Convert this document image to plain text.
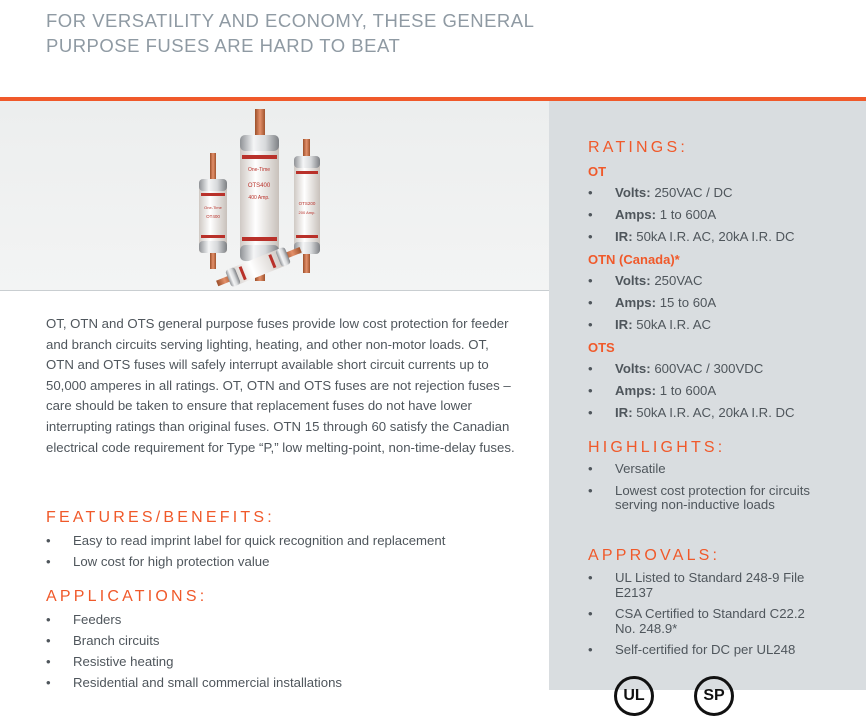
FOR VERSATILITY AND ECONOMY, THESE GENERAL
PURPOSE FUSES ARE HARD TO BEAT
One-Time
OT400
One-Time
OTS400
400 Amp.
OTS200
200 Amp.

OT, OTN and OTS general purpose fuses provide low cost protection for feeder and branch circuits serving lighting, heating, and other non-motor loads. OT, OTN and OTS fuses will safely interrupt available short circuit currents up to 50,000 amperes in all ratings. OT, OTN and OTS fuses are not rejection fuses – care should be taken to ensure that replacement fuses do not have lower interrupting ratings than original fuses. OTN 15 through 60 satisfy the Canadian electrical code requirement for Type “P,” low melting-point, non-time-delay fuses.

FEATURES/BENEFITS:
• Easy to read imprint label for quick recognition and replacement
• Low cost for high protection value
APPLICATIONS:
• Feeders
• Branch circuits
• Resistive heating
• Residential and small commercial installations
RATINGS:
OT
• Volts: 250VAC / DC
• Amps: 1 to 600A
• IR: 50kA I.R. AC, 20kA I.R. DC
OTN (Canada)*
• Volts: 250VAC
• Amps: 15 to 60A
• IR: 50kA I.R. AC
OTS
• Volts: 600VAC / 300VDC
• Amps: 1 to 600A
• IR: 50kA I.R. AC, 20kA I.R. DC
HIGHLIGHTS:
• Versatile
• Lowest cost protection for circuits serving non-inductive loads
APPROVALS:
• UL Listed to Standard 248-9 File E2137
• CSA Certified to Standard C22.2 No. 248.9*
• Self-certified for DC per UL248
UL	SP
